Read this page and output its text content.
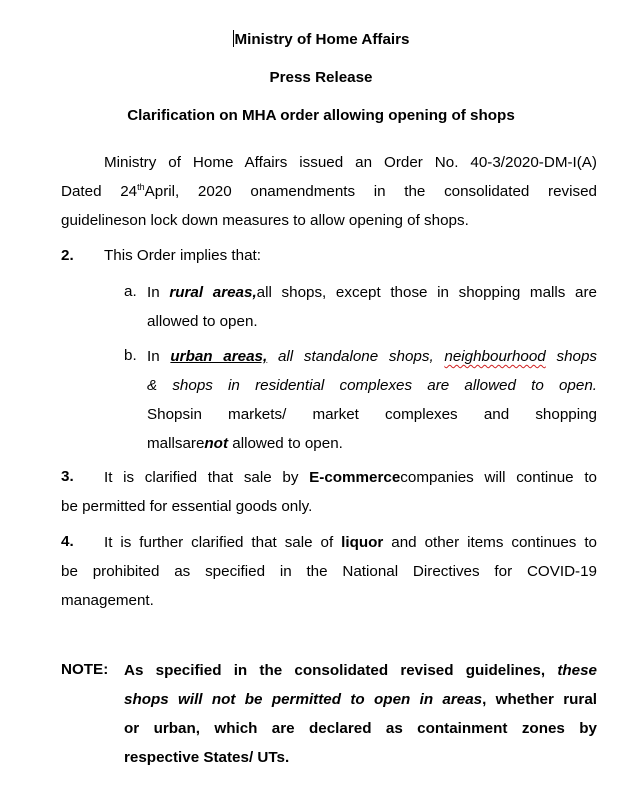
Ministry of Home Affairs
Press Release
Clarification on MHA order allowing opening of shops
Ministry of Home Affairs issued an Order No. 40-3/2020-DM-I(A)
Dated 24thApril, 2020 onamendments in the consolidated revised
guidelineson lock down measures to allow opening of shops.
2. This Order implies that:
a. In rural areas,all shops, except those in shopping malls are
allowed to open.
b. In urban areas, all standalone shops, neighbourhood shops
& shops in residential complexes are allowed to open.
Shopsin markets/ market complexes and shopping
mallsarenot allowed to open.
3.	It is clarified that sale by E-commercecompanies will continue to
be permitted for essential goods only.
4.	It is further clarified that sale of liquor and other items continues to
be prohibited as specified in the National Directives for COVID-19
management.
NOTE: As specified in the consolidated revised guidelines, these
shops will not be permitted to open in areas, whether rural
or urban, which are declared as containment zones by
respective States/ UTs.
